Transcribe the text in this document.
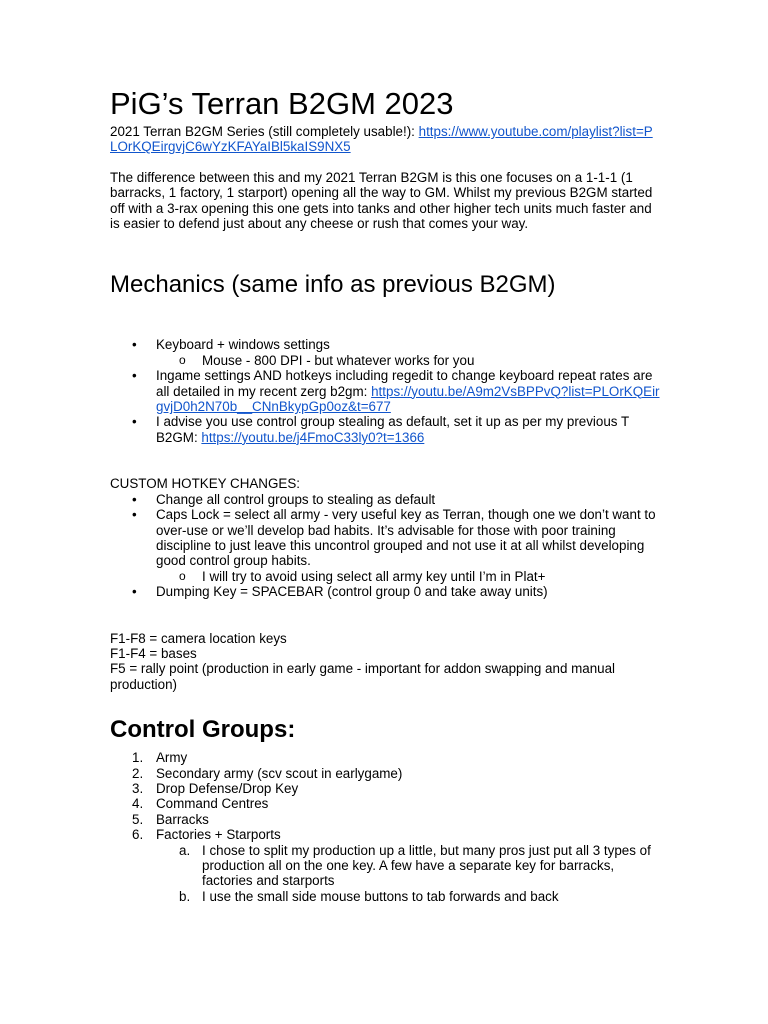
PiG’s Terran B2GM 2023

2021 Terran B2GM Series (still completely usable!): https://www.youtube.com/playlist?list=PLOrKQEirgvjC6wYzKFAYaIBl5kaIS9NX5

The difference between this and my 2021 Terran B2GM is this one focuses on a 1-1-1 (1 barracks, 1 factory, 1 starport) opening all the way to GM. Whilst my previous B2GM started off with a 3-rax opening this one gets into tanks and other higher tech units much faster and is easier to defend just about any cheese or rush that comes your way.

Mechanics (same info as previous B2GM)
• Keyboard + windows settings
o Mouse - 800 DPI - but whatever works for you
• Ingame settings AND hotkeys including regedit to change keyboard repeat rates are all detailed in my recent zerg b2gm: https://youtu.be/A9m2VsBPPvQ?list=PLOrKQEirgvjD0h2N70b__CNnBkypGp0oz&t=677
• I advise you use control group stealing as default, set it up as per my previous T B2GM: https://youtu.be/j4FmoC33ly0?t=1366

CUSTOM HOTKEY CHANGES:

• Change all control groups to stealing as default
• Caps Lock = select all army - very useful key as Terran, though one we don’t want to over-use or we’ll develop bad habits. It’s advisable for those with poor training discipline to just leave this uncontrol grouped and not use it at all whilst developing good control group habits.
o I will try to avoid using select all army key until I’m in Plat+
• Dumping Key = SPACEBAR (control group 0 and take away units)

F1-F8 = camera location keys

F1-F4 = bases

F5 = rally point (production in early game - important for addon swapping and manual production)

Control Groups:
1. Army
2. Secondary army (scv scout in earlygame)
3. Drop Defense/Drop Key
4. Command Centres
5. Barracks
6. Factories + Starports
a. I chose to split my production up a little, but many pros just put all 3 types of production all on the one key. A few have a separate key for barracks, factories and starports
b. I use the small side mouse buttons to tab forwards and back
